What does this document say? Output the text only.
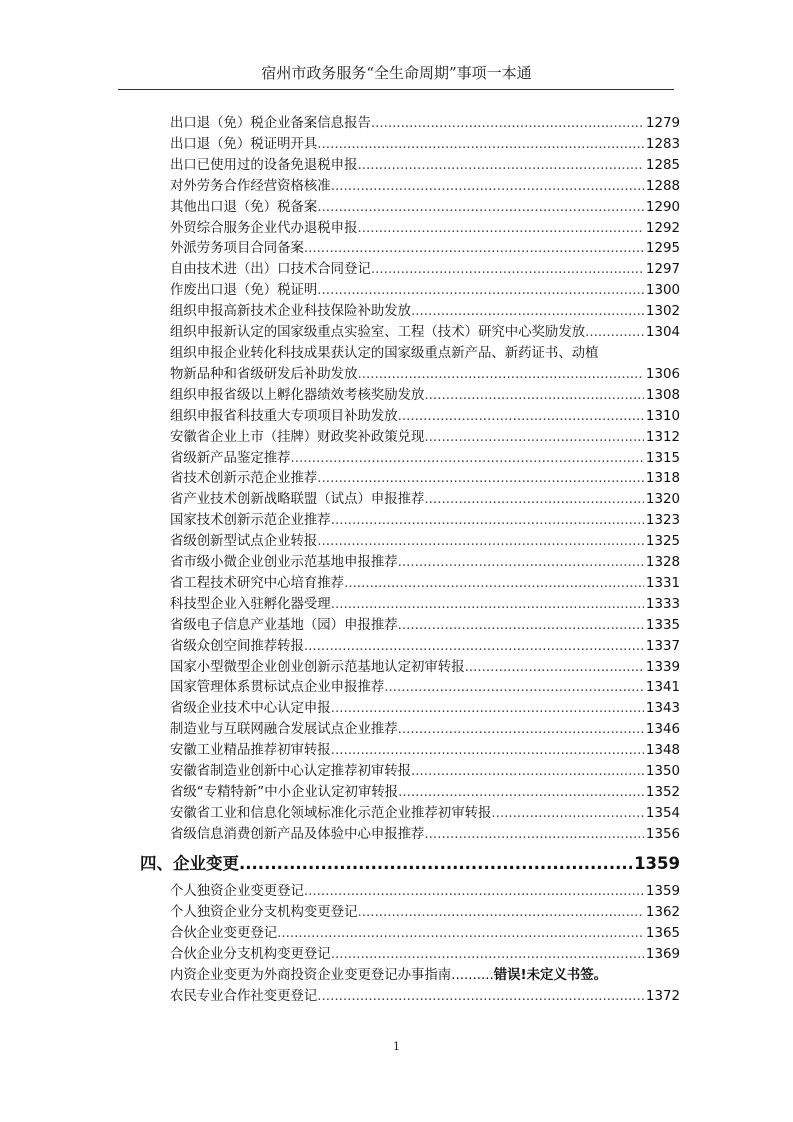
宿州市政务服务“全生命周期”事项一本通
出口退（免）税企业备案信息报告 .....	1279
出口退（免）税证明开具 .....	1283
出口已使用过的设备免退税申报 .....	1285
对外劳务合作经营资格核准 .....	1288
其他出口退（免）税备案 .....	1290
外贸综合服务企业代办退税申报 .....	1292
外派劳务项目合同备案 .....	1295
自由技术进（出）口技术合同登记 .....	1297
作废出口退（免）税证明 .....	1300
组织申报高新技术企业科技保险补助发放 .....	1302
组织申报新认定的国家级重点实验室、工程（技术）研究中心奖励发放 .....	1304
组织申报企业转化科技成果获认定的国家级重点新产品、新药证书、动植
物新品种和省级研发后补助发放 .....	1306
组织申报省级以上孵化器绩效考核奖励发放 .....	1308
组织申报省科技重大专项项目补助发放 .....	1310
安徽省企业上市（挂牌）财政奖补政策兑现 .....	1312
省级新产品鉴定推荐 .....	1315
省技术创新示范企业推荐 .....	1318
省产业技术创新战略联盟（试点）申报推荐 .....	1320
国家技术创新示范企业推荐 .....	1323
省级创新型试点企业转报 .....	1325
省市级小微企业创业示范基地申报推荐 .....	1328
省工程技术研究中心培育推荐 .....	1331
科技型企业入驻孵化器受理 .....	1333
省级电子信息产业基地（园）申报推荐 .....	1335
省级众创空间推荐转报 .....	1337
国家小型微型企业创业创新示范基地认定初审转报 .....	1339
国家管理体系贯标试点企业申报推荐 .....	1341
省级企业技术中心认定申报 .....	1343
制造业与互联网融合发展试点企业推荐 .....	1346
安徽工业精品推荐初审转报 .....	1348
安徽省制造业创新中心认定推荐初审转报 .....	1350
省级“专精特新”中小企业认定初审转报 .....	1352
安徽省工业和信息化领域标准化示范企业推荐初审转报 .....	1354
省级信息消费创新产品及体验中心申报推荐 .....	1356
四、企业变更 .....	1359
个人独资企业变更登记 .....	1359
个人独资企业分支机构变更登记 .....	1362
合伙企业变更登记 .....	1365
合伙企业分支机构变更登记 .....	1369
内资企业变更为外商投资企业变更登记办事指南 .......... 错误!未定义书签。
农民专业合作社变更登记 .....	1372
1
